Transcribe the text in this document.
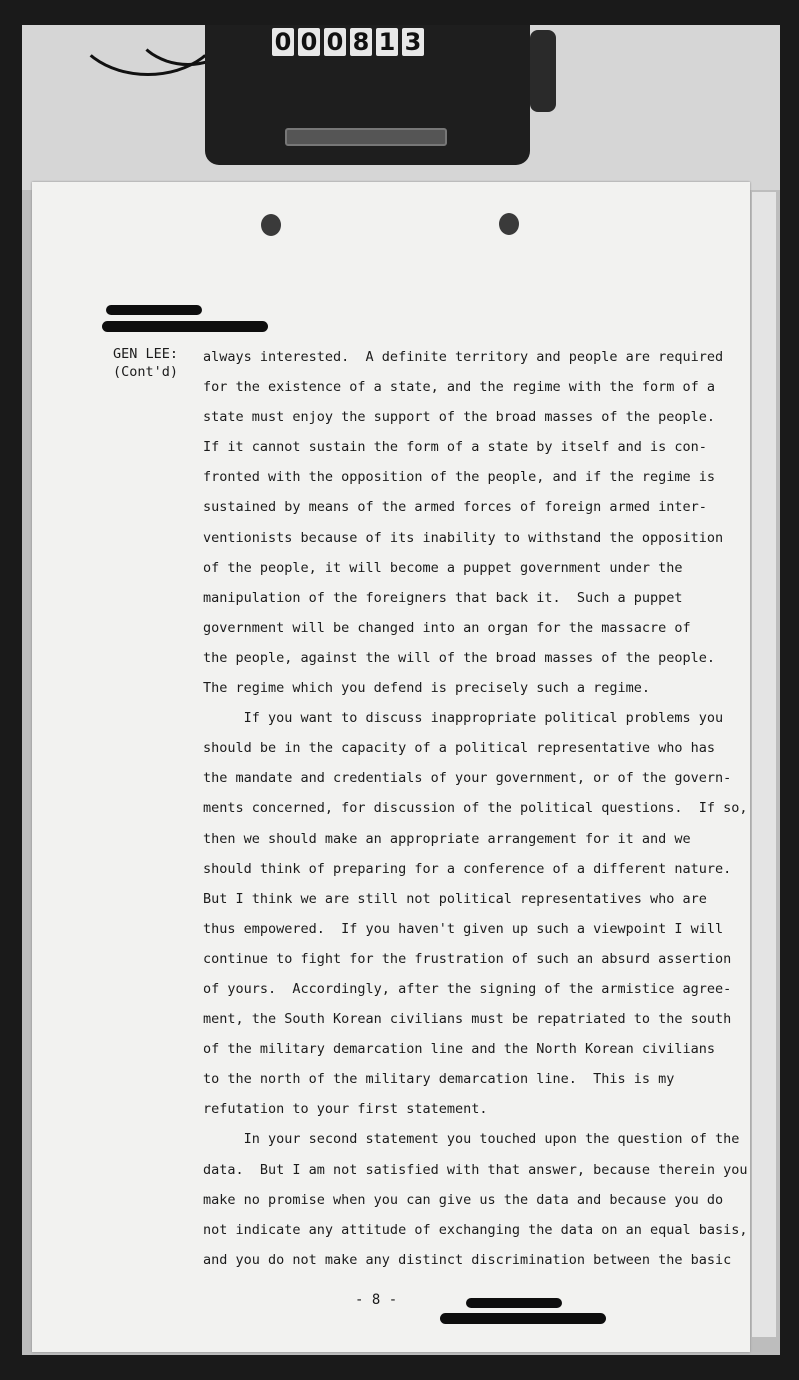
0 0 0 8 1 3
GEN LEE:
(Cont'd)
always interested.  A definite territory and people are required
for the existence of a state, and the regime with the form of a
state must enjoy the support of the broad masses of the people.
If it cannot sustain the form of a state by itself and is con-
fronted with the opposition of the people, and if the regime is
sustained by means of the armed forces of foreign armed inter-
ventionists because of its inability to withstand the opposition
of the people, it will become a puppet government under the
manipulation of the foreigners that back it.  Such a puppet
government will be changed into an organ for the massacre of
the people, against the will of the broad masses of the people.
The regime which you defend is precisely such a regime.
If you want to discuss inappropriate political problems you
should be in the capacity of a political representative who has
the mandate and credentials of your government, or of the govern-
ments concerned, for discussion of the political questions.  If so,
then we should make an appropriate arrangement for it and we
should think of preparing for a conference of a different nature.
But I think we are still not political representatives who are
thus empowered.  If you haven't given up such a viewpoint I will
continue to fight for the frustration of such an absurd assertion
of yours.  Accordingly, after the signing of the armistice agree-
ment, the South Korean civilians must be repatriated to the south
of the military demarcation line and the North Korean civilians
to the north of the military demarcation line.  This is my
refutation to your first statement.
In your second statement you touched upon the question of the
data.  But I am not satisfied with that answer, because therein you
make no promise when you can give us the data and because you do
not indicate any attitude of exchanging the data on an equal basis,
and you do not make any distinct discrimination between the basic
- 8 -
